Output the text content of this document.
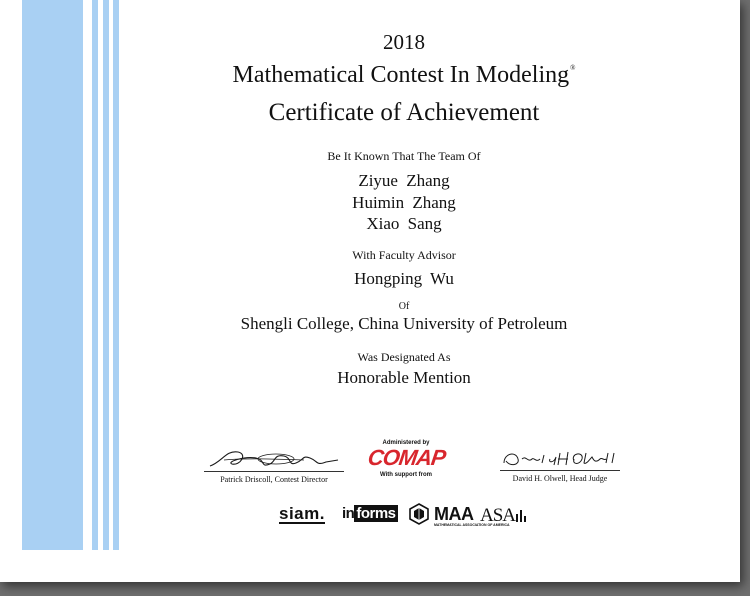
2018
Mathematical Contest In Modeling®
Certificate of Achievement
Be It Known That The Team Of
Ziyue Zhang
Huimin Zhang
Xiao Sang
With Faculty Advisor
Hongping Wu
Of
Shengli College, China University of Petroleum
Was Designated As
Honorable Mention
Patrick Driscoll, Contest Director
Administered by
COMAP
With support from	David H. Olwell, Head Judge
siam. in forms MAA
MATHEMATICAL ASSOCIATION OF AMERICA
ASA
